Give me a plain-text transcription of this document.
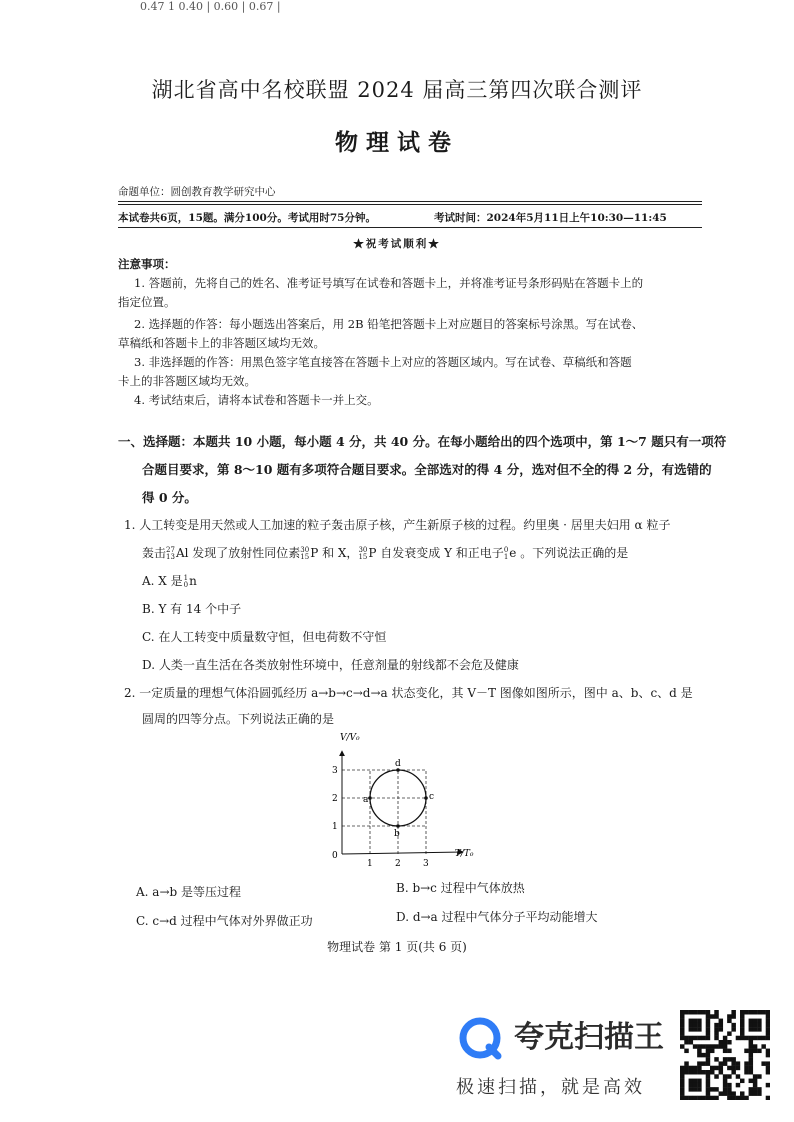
0.47 1 0.40 | 0.60 | 0.67 |
湖北省高中名校联盟 2024 届高三第四次联合测评
物理试卷
命题单位：圆创教育教学研究中心
本试卷共6页，15题。满分100分。考试用时75分钟。	考试时间：2024年5月11日上午10:30—11:45
★祝考试顺利★
注意事项：
1. 答题前，先将自己的姓名、准考证号填写在试卷和答题卡上，并将准考证号条形码贴在答题卡上的
指定位置。
2. 选择题的作答：每小题选出答案后，用 2B 铅笔把答题卡上对应题目的答案标号涂黑。写在试卷、
草稿纸和答题卡上的非答题区域均无效。
3. 非选择题的作答：用黑色签字笔直接答在答题卡上对应的答题区域内。写在试卷、草稿纸和答题
卡上的非答题区域均无效。
4. 考试结束后，请将本试卷和答题卡一并上交。
一、选择题：本题共 10 小题，每小题 4 分，共 40 分。在每小题给出的四个选项中，第 1～7 题只有一项符
合题目要求，第 8～10 题有多项符合题目要求。全部选对的得 4 分，选对但不全的得 2 分，有选错的
得 0 分。
1. 人工转变是用天然或人工加速的粒子轰击原子核，产生新原子核的过程。约里奥 · 居里夫妇用 α 粒子
轰击 27
13 Al 发现了放射性同位素 30
15 P 和 X， 30
15 P 自发衰变成 Y 和正电子 0
1 e 。下列说法正确的是
A. X 是 1
0 n
B. Y 有 14 个中子
C. 在人工转变中质量数守恒，但电荷数不守恒
D. 人类一直生活在各类放射性环境中，任意剂量的射线都不会危及健康
2. 一定质量的理想气体沿圆弧经历 a→b→c→d→a 状态变化，其 V－T 图像如图所示，图中 a、b、c、d 是
圆周的四等分点。下列说法正确的是
1 2 3
1
2
3
a
b
c
d
V/V₀
T/T₀
0
A. a→b 是等压过程	B. b→c 过程中气体放热
C. c→d 过程中气体对外界做正功	D. d→a 过程中气体分子平均动能增大
物理试卷 第 1 页(共 6 页)
夸克扫描王
极速扫描，就是高效
